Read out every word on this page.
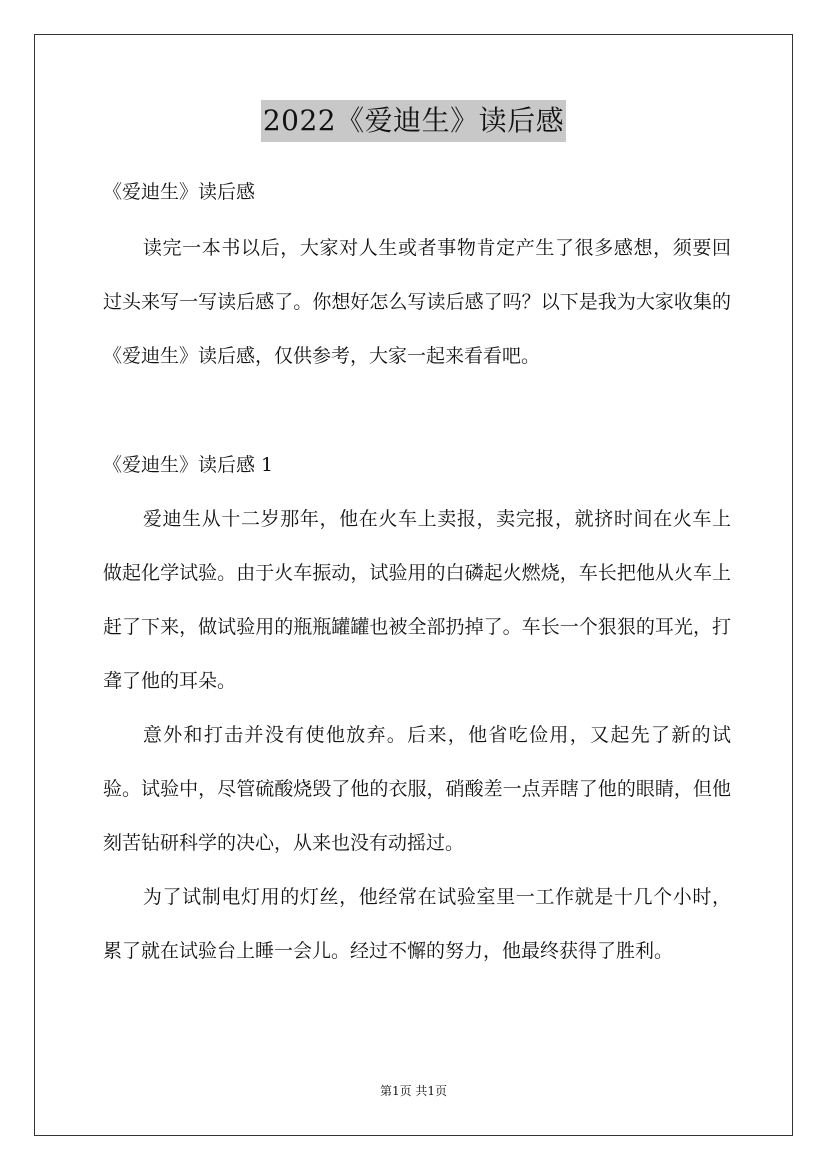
2022《爱迪生》读后感
《爱迪生》读后感
读完一本书以后，大家对人生或者事物肯定产生了很多感想，须要回过头来写一写读后感了。你想好怎么写读后感了吗？以下是我为大家收集的《爱迪生》读后感，仅供参考，大家一起来看看吧。
《爱迪生》读后感 1
爱迪生从十二岁那年，他在火车上卖报，卖完报，就挤时间在火车上做起化学试验。由于火车振动，试验用的白磷起火燃烧，车长把他从火车上赶了下来，做试验用的瓶瓶罐罐也被全部扔掉了。车长一个狠狠的耳光，打聋了他的耳朵。
意外和打击并没有使他放弃。后来，他省吃俭用，又起先了新的试验。试验中，尽管硫酸烧毁了他的衣服，硝酸差一点弄瞎了他的眼睛，但他刻苦钻研科学的决心，从来也没有动摇过。
为了试制电灯用的灯丝，他经常在试验室里一工作就是十几个小时，累了就在试验台上睡一会儿。经过不懈的努力，他最终获得了胜利。
第1页 共1页
